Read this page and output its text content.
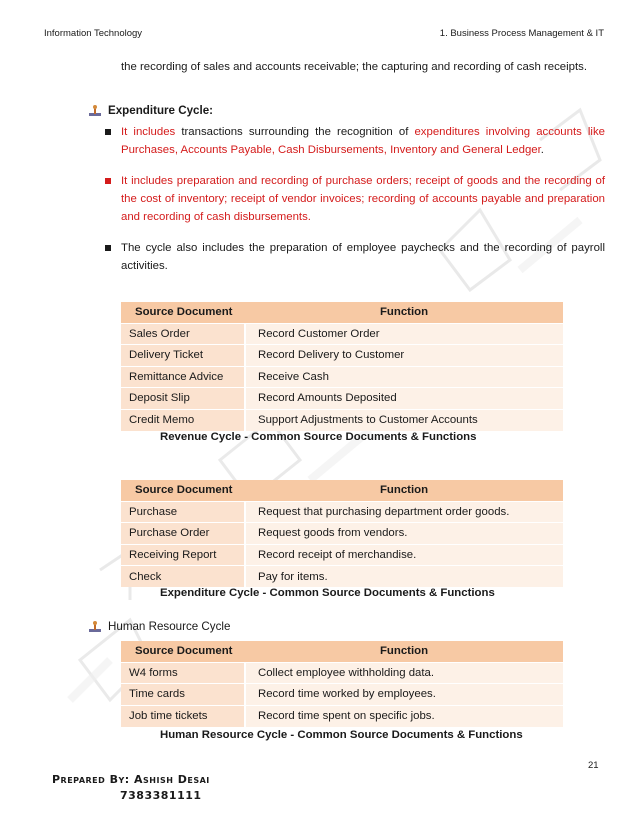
Information Technology	1. Business Process Management & IT
the recording of sales and accounts receivable; the capturing and recording of cash receipts.
Expenditure Cycle:
It includes transactions surrounding the recognition of expenditures involving accounts like Purchases, Accounts Payable, Cash Disbursements, Inventory and General Ledger.
It includes preparation and recording of purchase orders; receipt of goods and the recording of the cost of inventory; receipt of vendor invoices; recording of accounts payable and preparation and recording of cash disbursements.
The cycle also includes the preparation of employee paychecks and the recording of payroll activities.
Source Document	Function
Sales Order	Record Customer Order
Delivery Ticket	Record Delivery to Customer
Remittance Advice	Receive Cash
Deposit Slip	Record Amounts Deposited
Credit Memo	Support Adjustments to Customer Accounts
Revenue Cycle - Common Source Documents & Functions
Source Document	Function
Purchase	Request that purchasing department order goods.
Purchase Order	Request goods from vendors.
Receiving Report	Record receipt of merchandise.
Check	Pay for items.
Expenditure Cycle - Common Source Documents & Functions
Human Resource Cycle
Source Document	Function
W4 forms	Collect employee withholding data.
Time cards	Record time worked by employees.
Job time tickets	Record time spent on specific jobs.
Human Resource Cycle - Common Source Documents & Functions
21
Prepared By: Ashish Desai
7383381111
